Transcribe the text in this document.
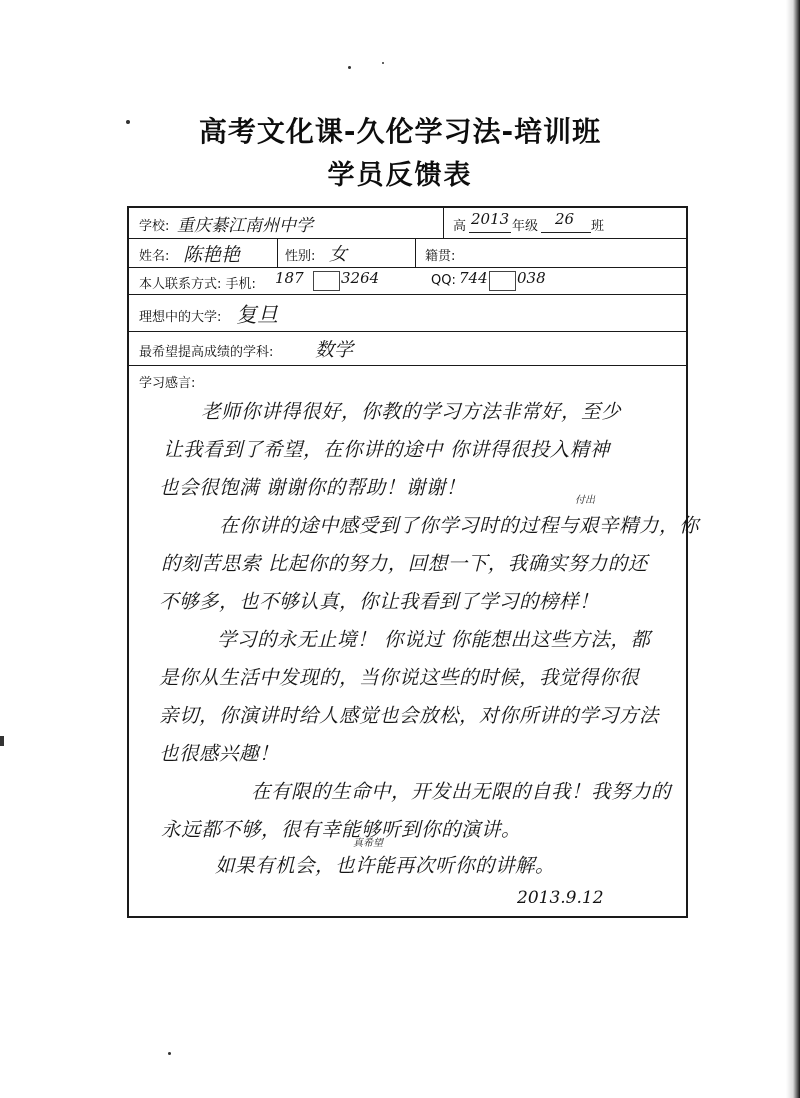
高考文化课-久伦学习法-培训班
学员反馈表
学校: 重庆綦江南州中学	高 2013 年级 26 班
姓名: 陈艳艳	性别: 女	籍贯:
本人联系方式: 手机: 187 3264	QQ: 744 038
理想中的大学: 复旦
最希望提高成绩的学科: 数学
学习感言:
老师你讲得很好，你教的学习方法非常好，至少
让我看到了希望，在你讲的途中 你讲得很投入精神
也会很饱满 谢谢你的帮助！谢谢！
付出
在你讲的途中感受到了你学习时的过程与艰辛精力，你
的刻苦思索 比起你的努力，回想一下，我确实努力的还
不够多，也不够认真，你让我看到了学习的榜样！
学习的永无止境！ 你说过 你能想出这些方法，都
是你从生活中发现的，当你说这些的时候，我觉得你很
亲切，你演讲时给人感觉也会放松，对你所讲的学习方法
也很感兴趣！
在有限的生命中，开发出无限的自我！我努力的
永远都不够，很有幸能够听到你的演讲。
真希望
如果有机会，也许能再次听你的讲解。
2013.9.12
